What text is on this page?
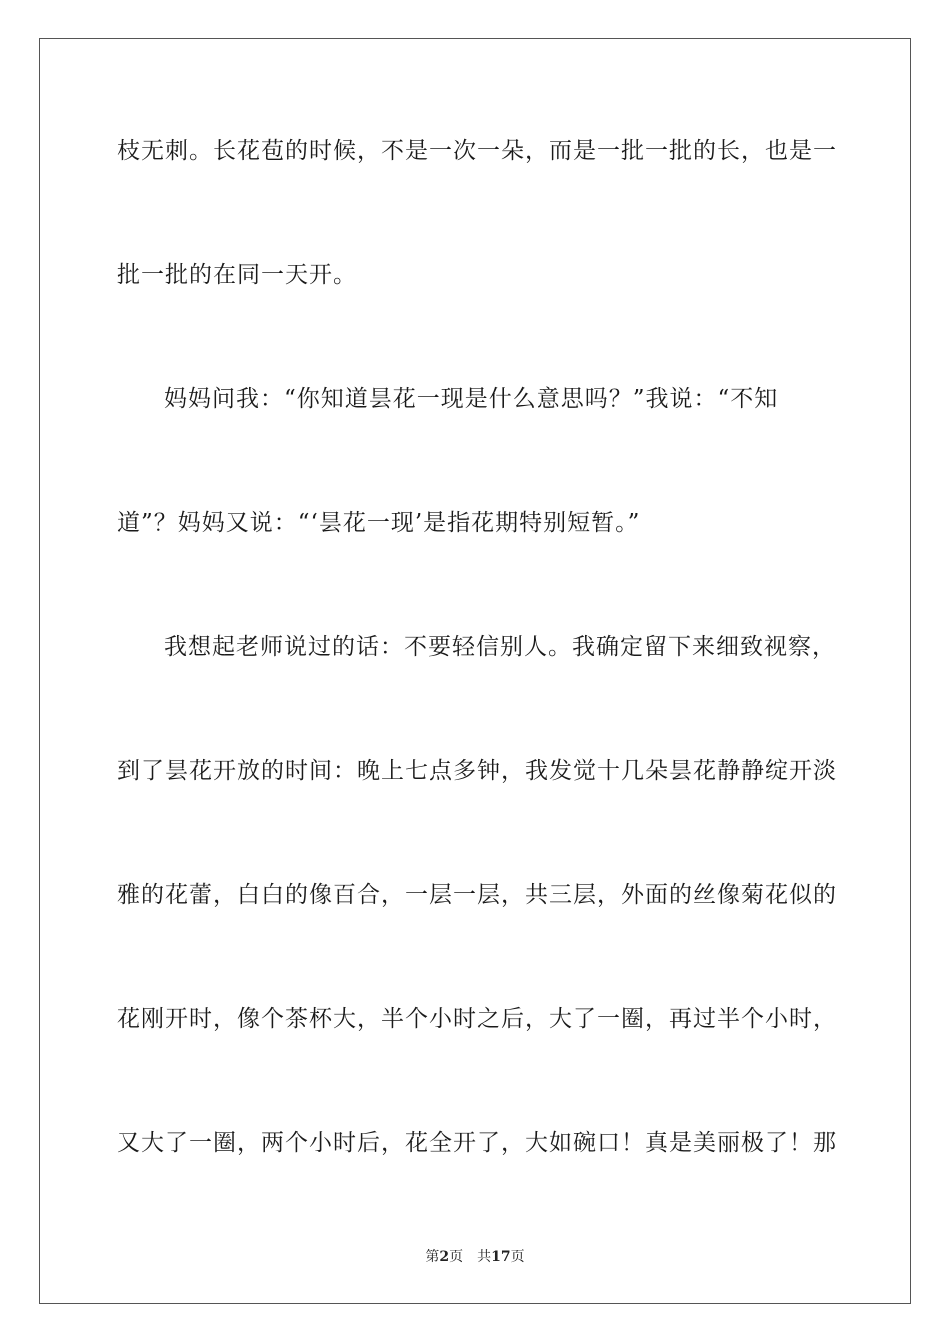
枝无刺。长花苞的时候，不是一次一朵，而是一批一批的长，也是一
批一批的在同一天开。
妈妈问我：“你知道昙花一现是什么意思吗？”我说：“不知
道”？妈妈又说：“‘昙花一现’是指花期特别短暂。”
我想起老师说过的话：不要轻信别人。我确定留下来细致视察，
到了昙花开放的时间：晚上七点多钟，我发觉十几朵昙花静静绽开淡
雅的花蕾，白白的像百合，一层一层，共三层，外面的丝像菊花似的
花刚开时，像个茶杯大，半个小时之后，大了一圈，再过半个小时，
又大了一圈，两个小时后，花全开了，大如碗口！真是美丽极了！那
第2页 共17页
